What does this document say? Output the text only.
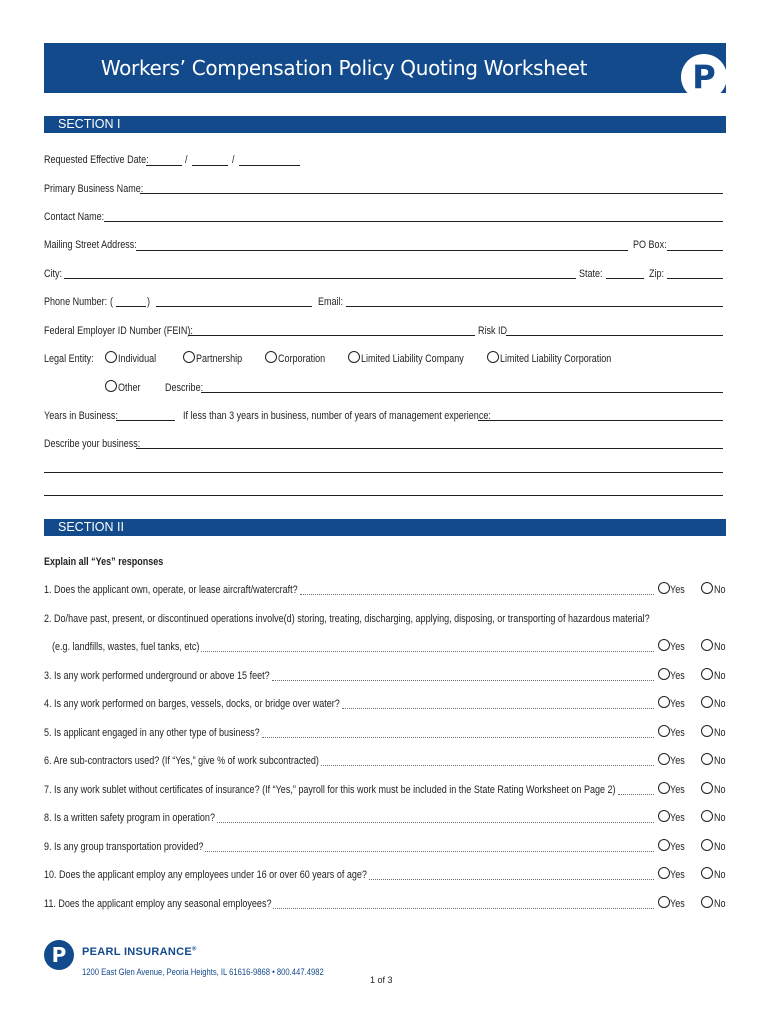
Workers’ Compensation Policy Quoting Worksheet	P
SECTION I
Requested Effective Date:	/	/
Primary Business Name:
Contact Name:
Mailing Street Address:	PO Box:
City:	State:	Zip:
Phone Number: (	)	Email:
Federal Employer ID Number (FEIN):	Risk ID
Legal Entity: Individual	Partnership	Corporation	Limited Liability Company	Limited Liability Corporation
Other Describe:
Years in Business:	If less than 3 years in business, number of years of management experience:
Describe your business:
SECTION II
Explain all “Yes” responses
1. Does the applicant own, operate, or lease aircraft/watercraft?	Yes	No
2. Do/have past, present, or discontinued operations involve(d) storing, treating, discharging, applying, disposing, or transporting of hazardous material?
(e.g. landfills, wastes, fuel tanks, etc)	Yes	No
3. Is any work performed underground or above 15 feet?	Yes	No
4. Is any work performed on barges, vessels, docks, or bridge over water?	Yes	No
5. Is applicant engaged in any other type of business?	Yes	No
6. Are sub-contractors used? (If “Yes,” give % of work subcontracted)	Yes	No
7. Is any work sublet without certificates of insurance? (If “Yes,” payroll for this work must be included in the State Rating Worksheet on Page 2)	Yes	No
8. Is a written safety program in operation?	Yes	No
9. Is any group transportation provided?	Yes	No
10. Does the applicant employ any employees under 16 or over 60 years of age?	Yes	No
11. Does the applicant employ any seasonal employees?	Yes	No
P	PEARL INSURANCE®
1200 East Glen Avenue, Peoria Heights, IL 61616-9868 • 800.447.4982
1 of 3
